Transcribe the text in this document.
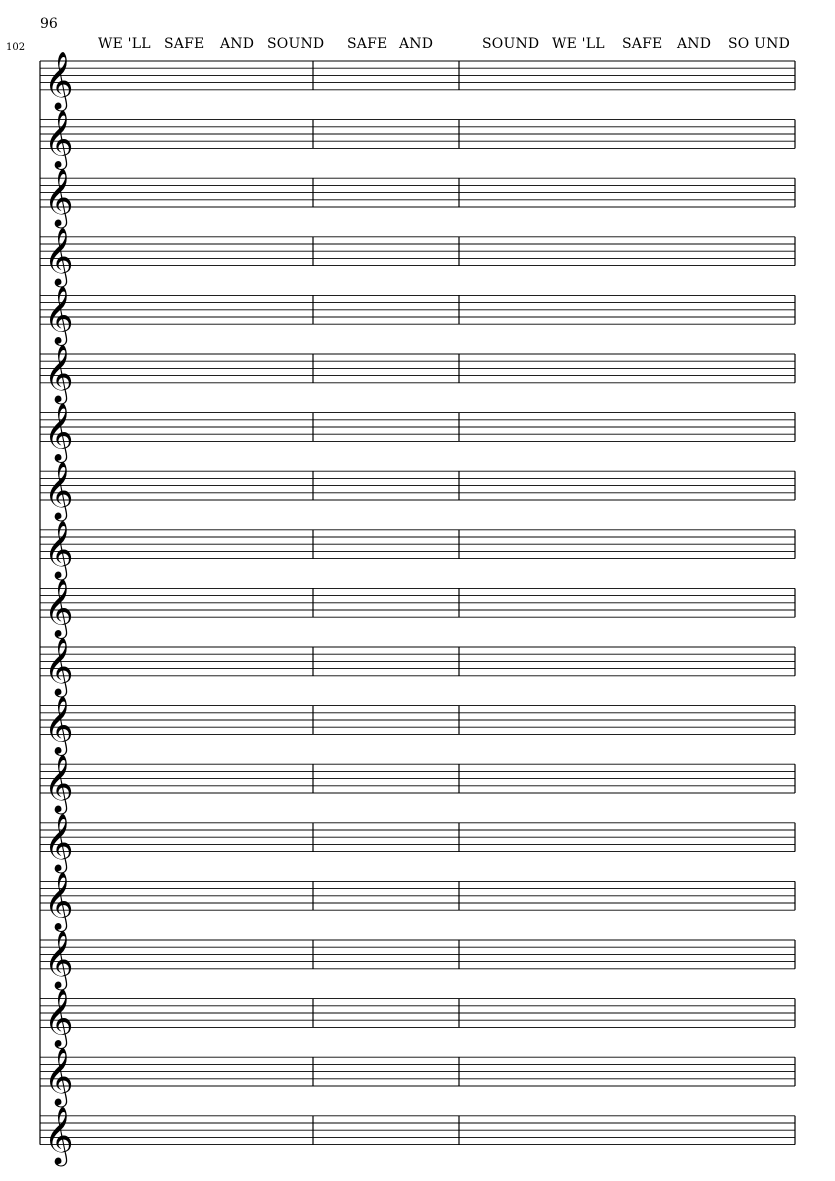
96
102	WE 'LL SAFE AND SOUND SAFE AND	SOUND WE 'LL SAFE AND SO UND
𝄞
𝄞
𝄞
𝄞
𝄞
𝄞
𝄞
𝄞
𝄞
𝄞
𝄞
𝄞
𝄞
𝄞
𝄞
𝄞
𝄞
𝄞
𝄞
